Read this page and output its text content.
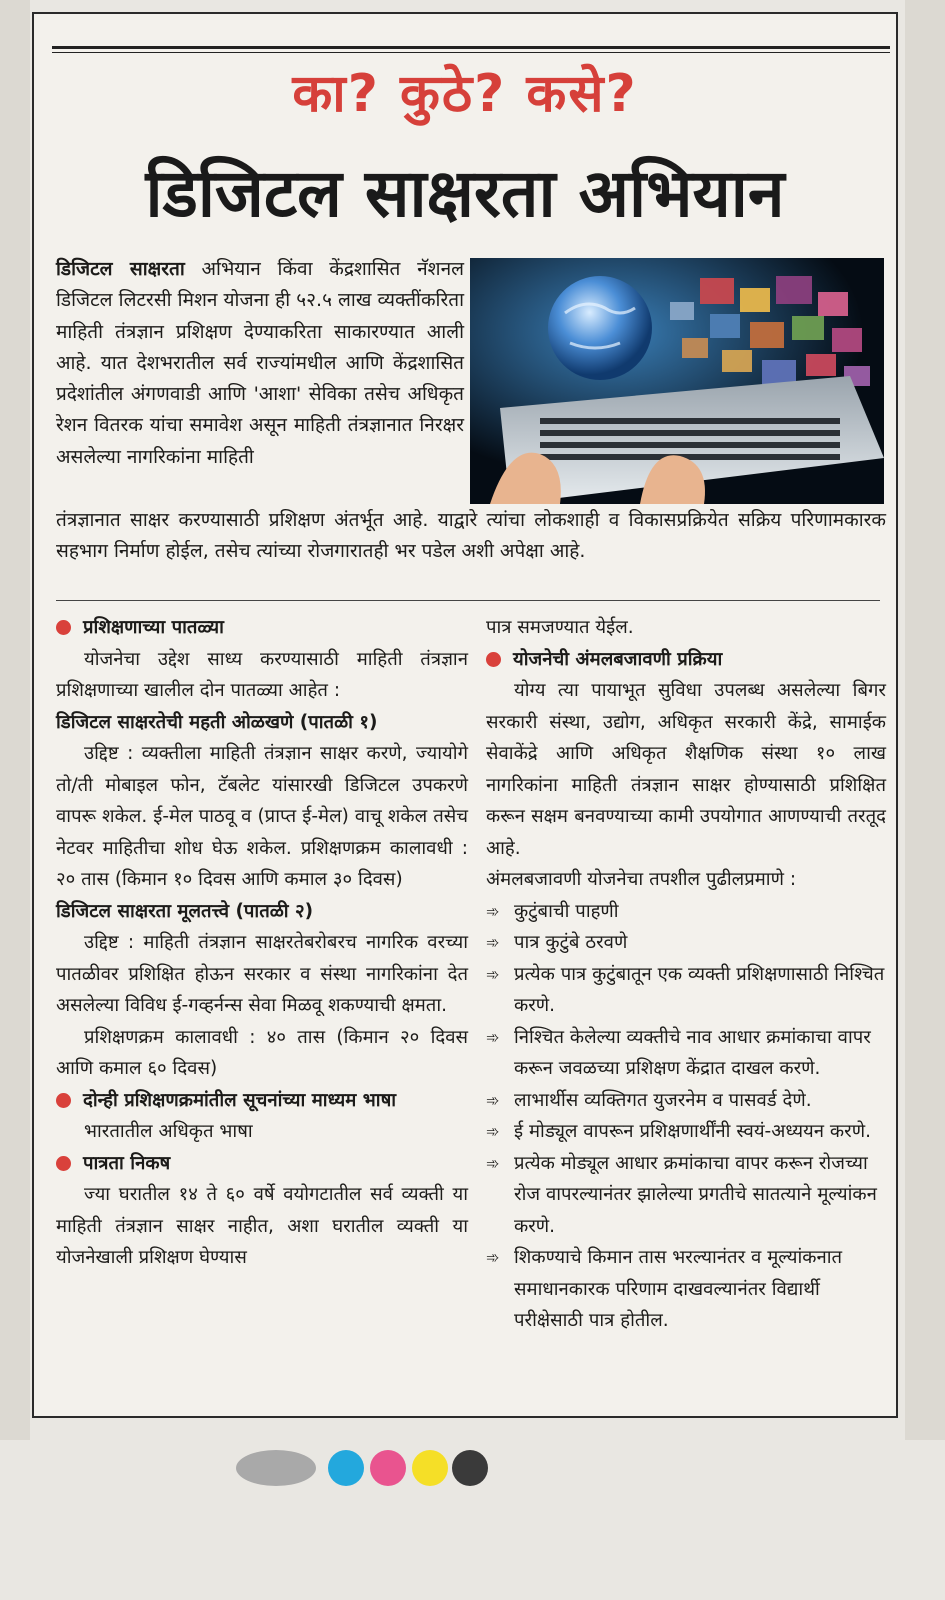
का? कुठे? कसे?
डिजिटल साक्षरता अभियान
डिजिटल साक्षरता अभियान किंवा केंद्रशासित नॅशनल डिजिटल लिटरसी मिशन योजना ही ५२.५ लाख व्यक्तींकरिता माहिती तंत्रज्ञान प्रशिक्षण देण्याकरिता साकारण्यात आली आहे. यात देशभरातील सर्व राज्यांमधील आणि केंद्रशासित प्रदेशांतील अंगणवाडी आणि 'आशा' सेविका तसेच अधिकृत रेशन वितरक यांचा समावेश असून माहिती तंत्रज्ञानात निरक्षर असलेल्या नागरिकांना माहिती
तंत्रज्ञानात साक्षर करण्यासाठी प्रशिक्षण अंतर्भूत आहे. याद्वारे त्यांचा लोकशाही व विकासप्रक्रियेत सक्रिय परिणामकारक सहभाग निर्माण होईल, तसेच त्यांच्या रोजगारातही भर पडेल अशी अपेक्षा आहे.
प्रशिक्षणाच्या पातळ्या
योजनेचा उद्देश साध्य करण्यासाठी माहिती तंत्रज्ञान प्रशिक्षणाच्या खालील दोन पातळ्या आहेत :
डिजिटल साक्षरतेची महती ओळखणे (पातळी १)
उद्दिष्ट : व्यक्तीला माहिती तंत्रज्ञान साक्षर करणे, ज्यायोगे तो/ती मोबाइल फोन, टॅबलेट यांसारखी डिजिटल उपकरणे वापरू शकेल. ई-मेल पाठवू व (प्राप्त ई-मेल) वाचू शकेल तसेच नेटवर माहितीचा शोध घेऊ शकेल. प्रशिक्षणक्रम कालावधी : २० तास (किमान १० दिवस आणि कमाल ३० दिवस)
डिजिटल साक्षरता मूलतत्त्वे (पातळी २)
उद्दिष्ट : माहिती तंत्रज्ञान साक्षरतेबरोबरच नागरिक वरच्या पातळीवर प्रशिक्षित होऊन सरकार व संस्था नागरिकांना देत असलेल्या विविध ई-गव्हर्नन्स सेवा मिळवू शकण्याची क्षमता.
प्रशिक्षणक्रम कालावधी : ४० तास (किमान २० दिवस आणि कमाल ६० दिवस)
दोन्ही प्रशिक्षणक्रमांतील सूचनांच्या माध्यम भाषा
भारतातील अधिकृत भाषा
पात्रता निकष
ज्या घरातील १४ ते ६० वर्षे वयोगटातील सर्व व्यक्ती या माहिती तंत्रज्ञान साक्षर नाहीत, अशा घरातील व्यक्ती या योजनेखाली प्रशिक्षण घेण्यास
पात्र समजण्यात येईल.
योजनेची अंमलबजावणी प्रक्रिया
योग्य त्या पायाभूत सुविधा उपलब्ध असलेल्या बिगर सरकारी संस्था, उद्योग, अधिकृत सरकारी केंद्रे, सामाईक सेवाकेंद्रे आणि अधिकृत शैक्षणिक संस्था १० लाख नागरिकांना माहिती तंत्रज्ञान साक्षर होण्यासाठी प्रशिक्षित करून सक्षम बनवण्याच्या कामी उपयोगात आणण्याची तरतूद आहे.
अंमलबजावणी योजनेचा तपशील पुढीलप्रमाणे :
➾ कुटुंबाची पाहणी
➾ पात्र कुटुंबे ठरवणे
➾ प्रत्येक पात्र कुटुंबातून एक व्यक्ती प्रशिक्षणासाठी निश्चित करणे.
➾ निश्चित केलेल्या व्यक्तीचे नाव आधार क्रमांकाचा वापर करून जवळच्या प्रशिक्षण केंद्रात दाखल करणे.
➾ लाभार्थीस व्यक्तिगत युजरनेम व पासवर्ड देणे.
➾ ई मोड्यूल वापरून प्रशिक्षणार्थींनी स्वयं-अध्ययन करणे.
➾ प्रत्येक मोड्यूल आधार क्रमांकाचा वापर करून रोजच्या रोज वापरल्यानंतर झालेल्या प्रगतीचे सातत्याने मूल्यांकन करणे.
➾ शिकण्याचे किमान तास भरल्यानंतर व मूल्यांकनात समाधानकारक परिणाम दाखवल्यानंतर विद्यार्थी परीक्षेसाठी पात्र होतील.
